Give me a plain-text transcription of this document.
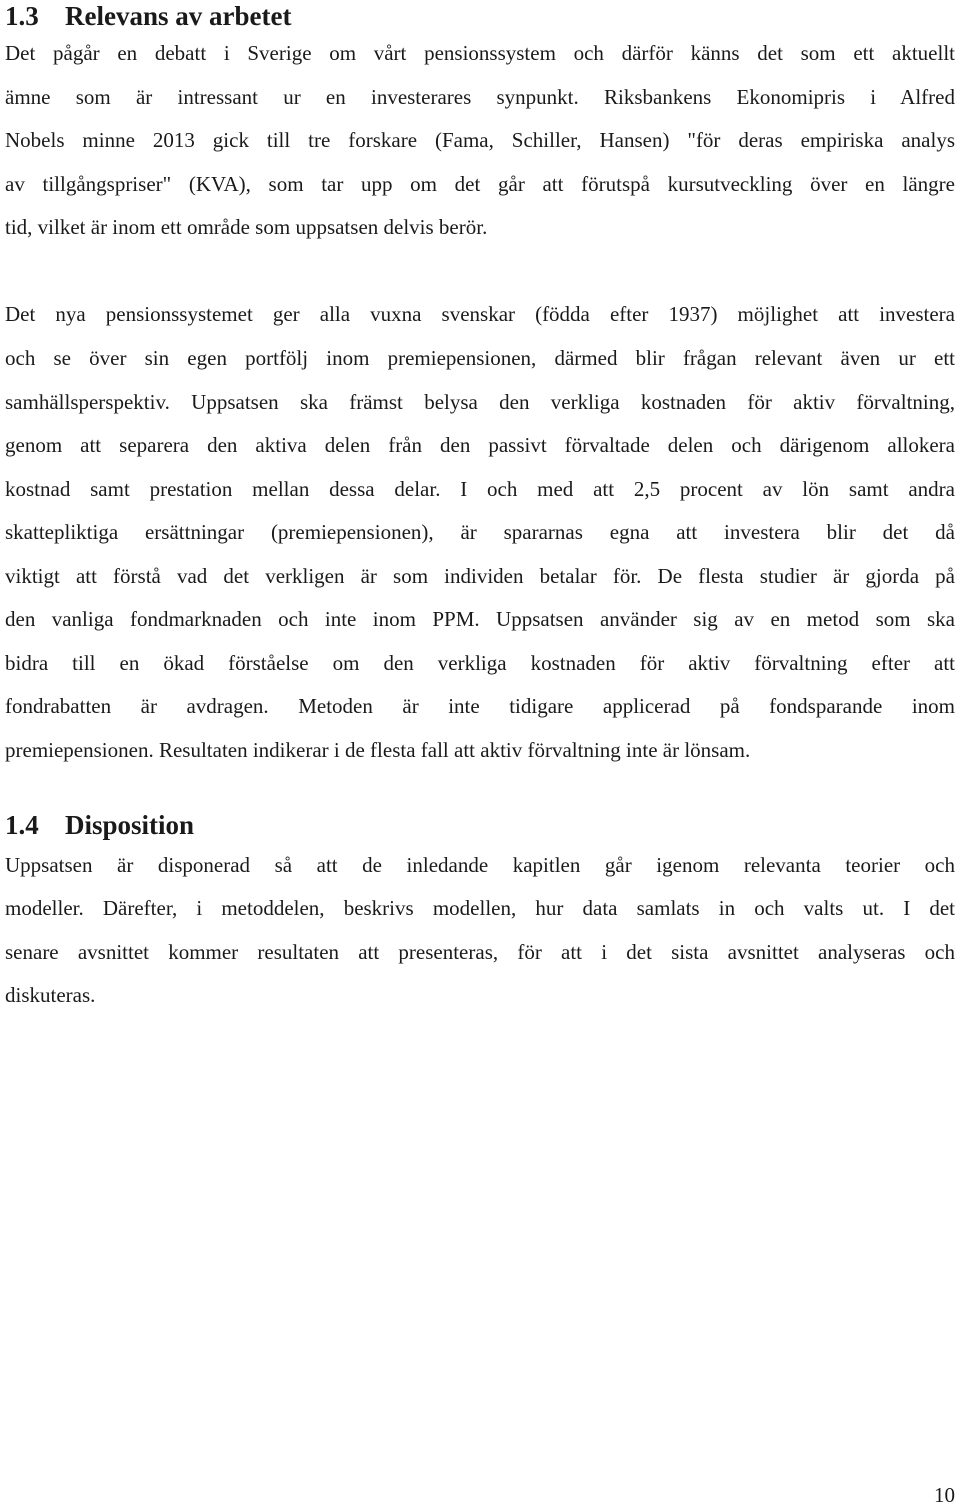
1.3 Relevans av arbetet

Det pågår en debatt i Sverige om vårt pensionssystem och därför känns det som ett aktuellt

ämne som är intressant ur en investerares synpunkt. Riksbankens Ekonomipris i Alfred

Nobels minne 2013 gick till tre forskare (Fama, Schiller, Hansen) "för deras empiriska analys

av tillgångspriser" (KVA), som tar upp om det går att förutspå kursutveckling över en längre

tid, vilket är inom ett område som uppsatsen delvis berör.

Det nya pensionssystemet ger alla vuxna svenskar (födda efter 1937) möjlighet att investera

och se över sin egen portfölj inom premiepensionen, därmed blir frågan relevant även ur ett

samhällsperspektiv. Uppsatsen ska främst belysa den verkliga kostnaden för aktiv förvaltning,

genom att separera den aktiva delen från den passivt förvaltade delen och därigenom allokera

kostnad samt prestation mellan dessa delar. I och med att 2,5 procent av lön samt andra

skattepliktiga ersättningar (premiepensionen), är spararnas egna att investera blir det då

viktigt att förstå vad det verkligen är som individen betalar för. De flesta studier är gjorda på

den vanliga fondmarknaden och inte inom PPM. Uppsatsen använder sig av en metod som ska

bidra till en ökad förståelse om den verkliga kostnaden för aktiv förvaltning efter att

fondrabatten är avdragen. Metoden är inte tidigare applicerad på fondsparande inom

premiepensionen. Resultaten indikerar i de flesta fall att aktiv förvaltning inte är lönsam.

1.4 Disposition

Uppsatsen är disponerad så att de inledande kapitlen går igenom relevanta teorier och

modeller. Därefter, i metoddelen, beskrivs modellen, hur data samlats in och valts ut. I det

senare avsnittet kommer resultaten att presenteras, för att i det sista avsnittet analyseras och

diskuteras.

10
